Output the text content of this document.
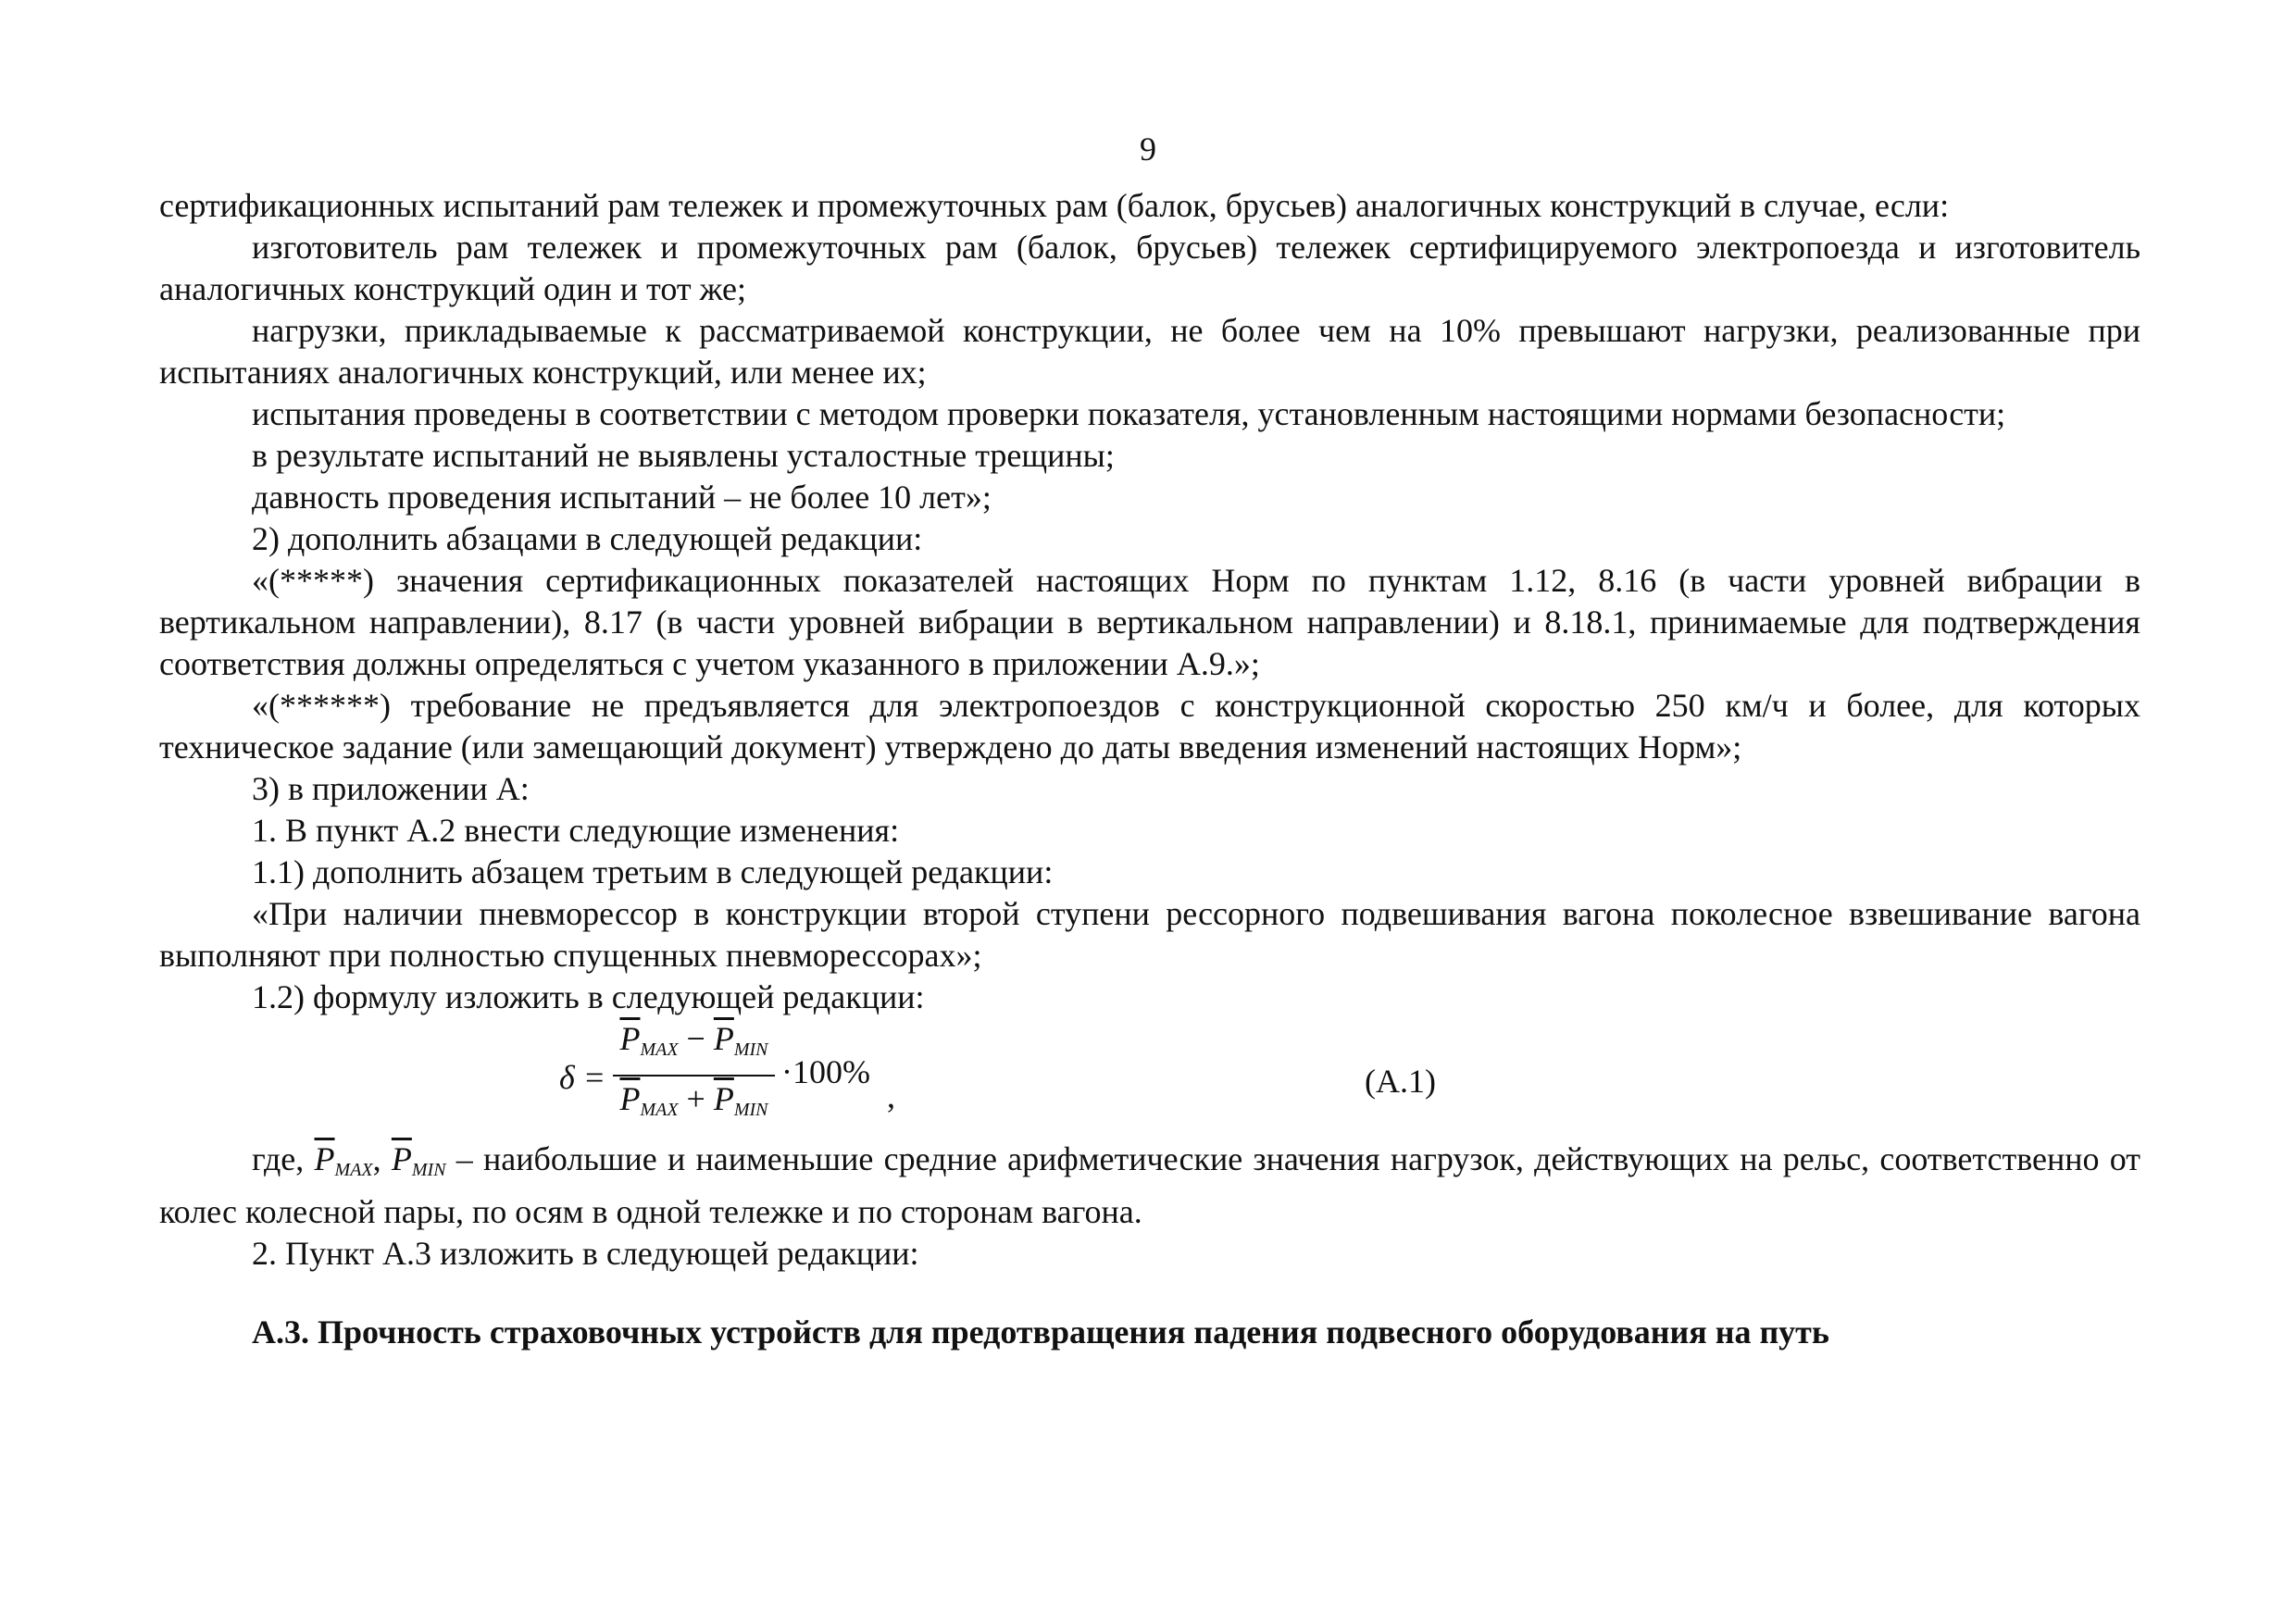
9

сертификационных испытаний рам тележек и промежуточных рам (балок, брусьев) аналогичных конструкций в случае, если:

изготовитель рам тележек и промежуточных рам (балок, брусьев) тележек сертифицируемого электропоезда и изготовитель аналогичных конструкций один и тот же;

нагрузки, прикладываемые к рассматриваемой конструкции, не более чем на 10% превышают нагрузки, реализованные при испытаниях аналогичных конструкций, или менее их;

испытания проведены в соответствии с методом проверки показателя, установленным настоящими нормами безопасности;

в результате испытаний не выявлены усталостные трещины;

давность проведения испытаний – не более 10 лет»;

2) дополнить абзацами в следующей редакции:

«(*****) значения сертификационных показателей настоящих Норм по пунктам 1.12, 8.16 (в части уровней вибрации в вертикальном направлении), 8.17 (в части уровней вибрации в вертикальном направлении) и 8.18.1, принимаемые для подтверждения соответствия должны определяться с учетом указанного в приложении А.9.»;

«(******) требование не предъявляется для электропоездов с конструкционной скоростью 250 км/ч и более, для которых техническое задание (или замещающий документ) утверждено до даты введения изменений настоящих Норм»;

3) в приложении А:

1. В пункт А.2 внести следующие изменения:

1.1) дополнить абзацем третьим в следующей редакции:

«При наличии пневморессор в конструкции второй ступени рессорного подвешивания вагона поколесное взвешивание вагона выполняют при полностью спущенных пневморессорах»;

1.2) формулу изложить в следующей редакции:

δ =
$\overline{P}_{MAX} - \overline{P}_{MIN}$
$\overline{P}_{MAX} + \overline{P}_{MIN}$
·100%
,	(А.1)

где, $\overline{P}_{MAX}$, $\overline{P}_{MIN}$ – наибольшие и наименьшие средние арифметические значения нагрузок, действующих на рельс, соответственно от колес колесной пары, по осям в одной тележке и по сторонам вагона.

2. Пункт А.3 изложить в следующей редакции:

А.3. Прочность страховочных устройств для предотвращения падения подвесного оборудования на путь
